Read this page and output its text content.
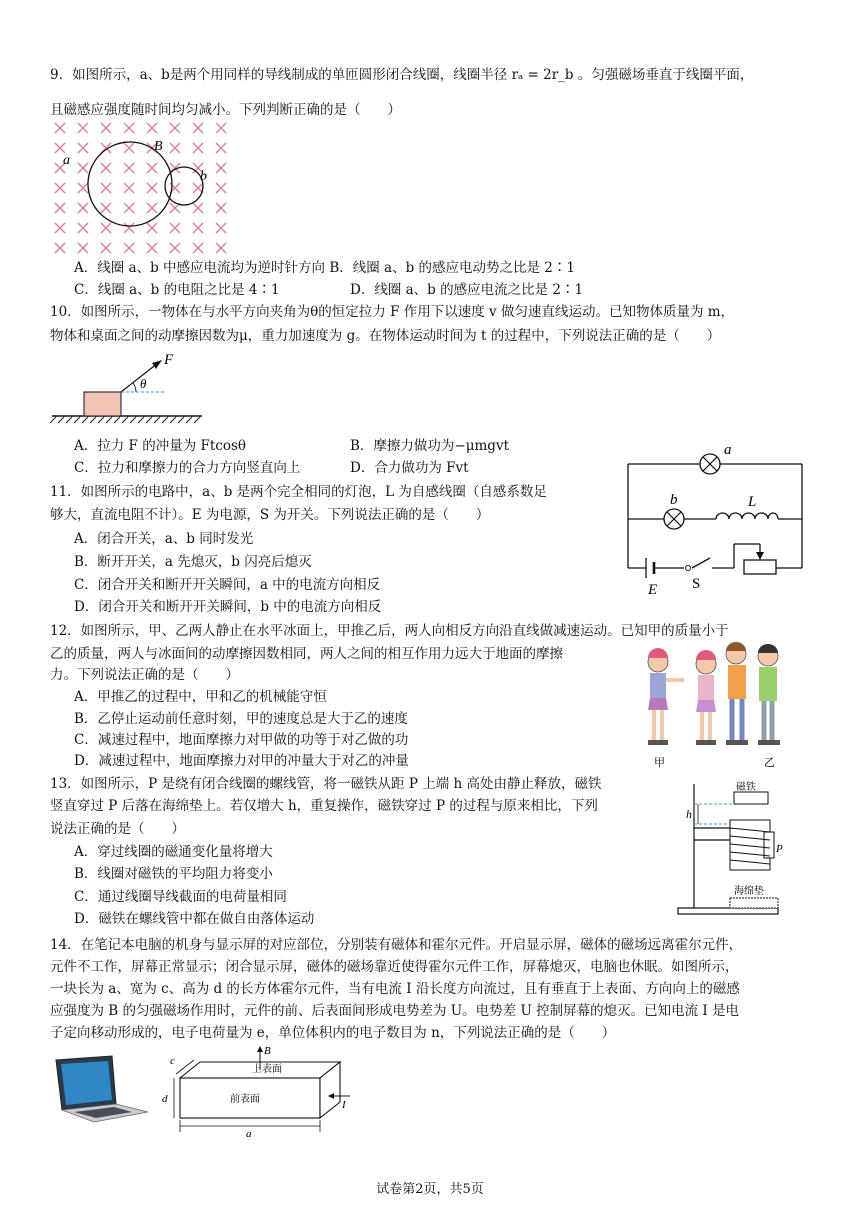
9．如图所示，a、b是两个用同样的导线制成的单匝圆形闭合线圈，线圈半径 rₐ = 2r_b 。匀强磁场垂直于线圈平面，
且磁感应强度随时间均匀减小。下列判断正确的是（　　）
a
B
b
A．线圈 a、b 中感应电流均为逆时针方向 B．线圈 a、b 的感应电动势之比是 2∶1
C．线圈 a、b 的电阻之比是 4∶1	D．线圈 a、b 的感应电流之比是 2∶1
10．如图所示，一物体在与水平方向夹角为θ的恒定拉力 F 作用下以速度 v 做匀速直线运动。已知物体质量为 m，
物体和桌面之间的动摩擦因数为μ，重力加速度为 g。在物体运动时间为 t 的过程中，下列说法正确的是（　　）
F
θ
A．拉力 F 的冲量为 Ftcosθ	B．摩擦力做功为−μmgvt
C．拉力和摩擦力的合力方向竖直向上	D．合力做功为 Fvt
11．如图所示的电路中，a、b 是两个完全相同的灯泡，L 为自感线圈（自感系数足
够大，直流电阻不计）。E 为电源，S 为开关。下列说法正确的是（　　）
A．闭合开关，a、b 同时发光
B．断开开关，a 先熄灭，b 闪亮后熄灭
C．闭合开关和断开开关瞬间，a 中的电流方向相反
D．闭合开关和断开开关瞬间，b 中的电流方向相反
a
b	L
E S
12．如图所示，甲、乙两人静止在水平冰面上，甲推乙后，两人向相反方向沿直线做减速运动。已知甲的质量小于
乙的质量，两人与冰面间的动摩擦因数相同，两人之间的相互作用力远大于地面的摩擦
力。下列说法正确的是（　　）
A．甲推乙的过程中，甲和乙的机械能守恒
B．乙停止运动前任意时刻，甲的速度总是大于乙的速度
C．减速过程中，地面摩擦力对甲做的功等于对乙做的功
D．减速过程中，地面摩擦力对甲的冲量大于对乙的冲量	甲	乙
13．如图所示，P 是绕有闭合线圈的螺线管，将一磁铁从距 P 上端 h 高处由静止释放，磁铁
竖直穿过 P 后落在海绵垫上。若仅增大 h，重复操作，磁铁穿过 P 的过程与原来相比，下列
说法正确的是（　　）
A．穿过线圈的磁通变化量将增大
B．线圈对磁铁的平均阻力将变小
C．通过线圈导线截面的电荷量相同
D．磁铁在螺线管中都在做自由落体运动
磁铁
h
P
海绵垫
14．在笔记本电脑的机身与显示屏的对应部位，分别装有磁体和霍尔元件。开启显示屏，磁体的磁场远离霍尔元件，
元件不工作，屏幕正常显示；闭合显示屏，磁体的磁场靠近使得霍尔元件工作，屏幕熄灭，电脑也休眠。如图所示，
一块长为 a、宽为 c、高为 d 的长方体霍尔元件，当有电流 I 沿长度方向流过，且有垂直于上表面、方向向上的磁感
应强度为 B 的匀强磁场作用时，元件的前、后表面间形成电势差为 U。电势差 U 控制屏幕的熄灭。已知电流 I 是电
子定向移动形成的，电子电荷量为 e，单位体积内的电子数目为 n，下列说法正确的是（　　）
B
上表面
前表面	I
d
c
a
试卷第2页，共5页
